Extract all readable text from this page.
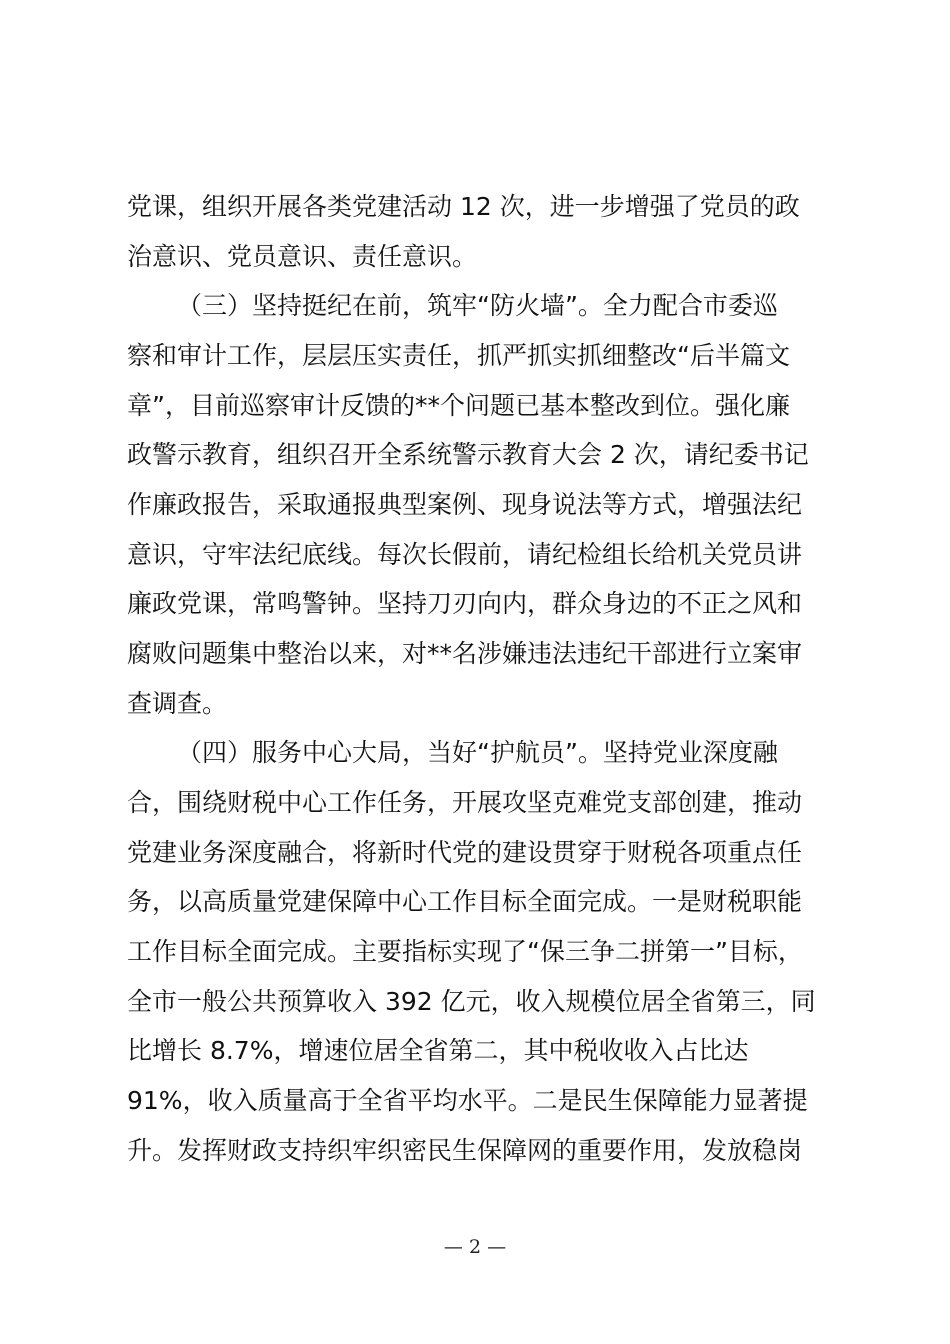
党课，组织开展各类党建活动 12 次，进一步增强了党员的政
治意识、党员意识、责任意识。
（三）坚持挺纪在前，筑牢“防火墙”。全力配合市委巡
察和审计工作，层层压实责任，抓严抓实抓细整改“后半篇文
章”，目前巡察审计反馈的**个问题已基本整改到位。强化廉
政警示教育，组织召开全系统警示教育大会 2 次，请纪委书记
作廉政报告，采取通报典型案例、现身说法等方式，增强法纪
意识，守牢法纪底线。每次长假前，请纪检组长给机关党员讲
廉政党课，常鸣警钟。坚持刀刃向内，群众身边的不正之风和
腐败问题集中整治以来，对**名涉嫌违法违纪干部进行立案审
查调查。
（四）服务中心大局，当好“护航员”。坚持党业深度融
合，围绕财税中心工作任务，开展攻坚克难党支部创建，推动
党建业务深度融合，将新时代党的建设贯穿于财税各项重点任
务，以高质量党建保障中心工作目标全面完成。一是财税职能
工作目标全面完成。主要指标实现了“保三争二拼第一”目标，
全市一般公共预算收入 392 亿元，收入规模位居全省第三，同
比增长 8.7%，增速位居全省第二，其中税收收入占比达
91%，收入质量高于全省平均水平。二是民生保障能力显著提
升。发挥财政支持织牢织密民生保障网的重要作用，发放稳岗
— 2 —
